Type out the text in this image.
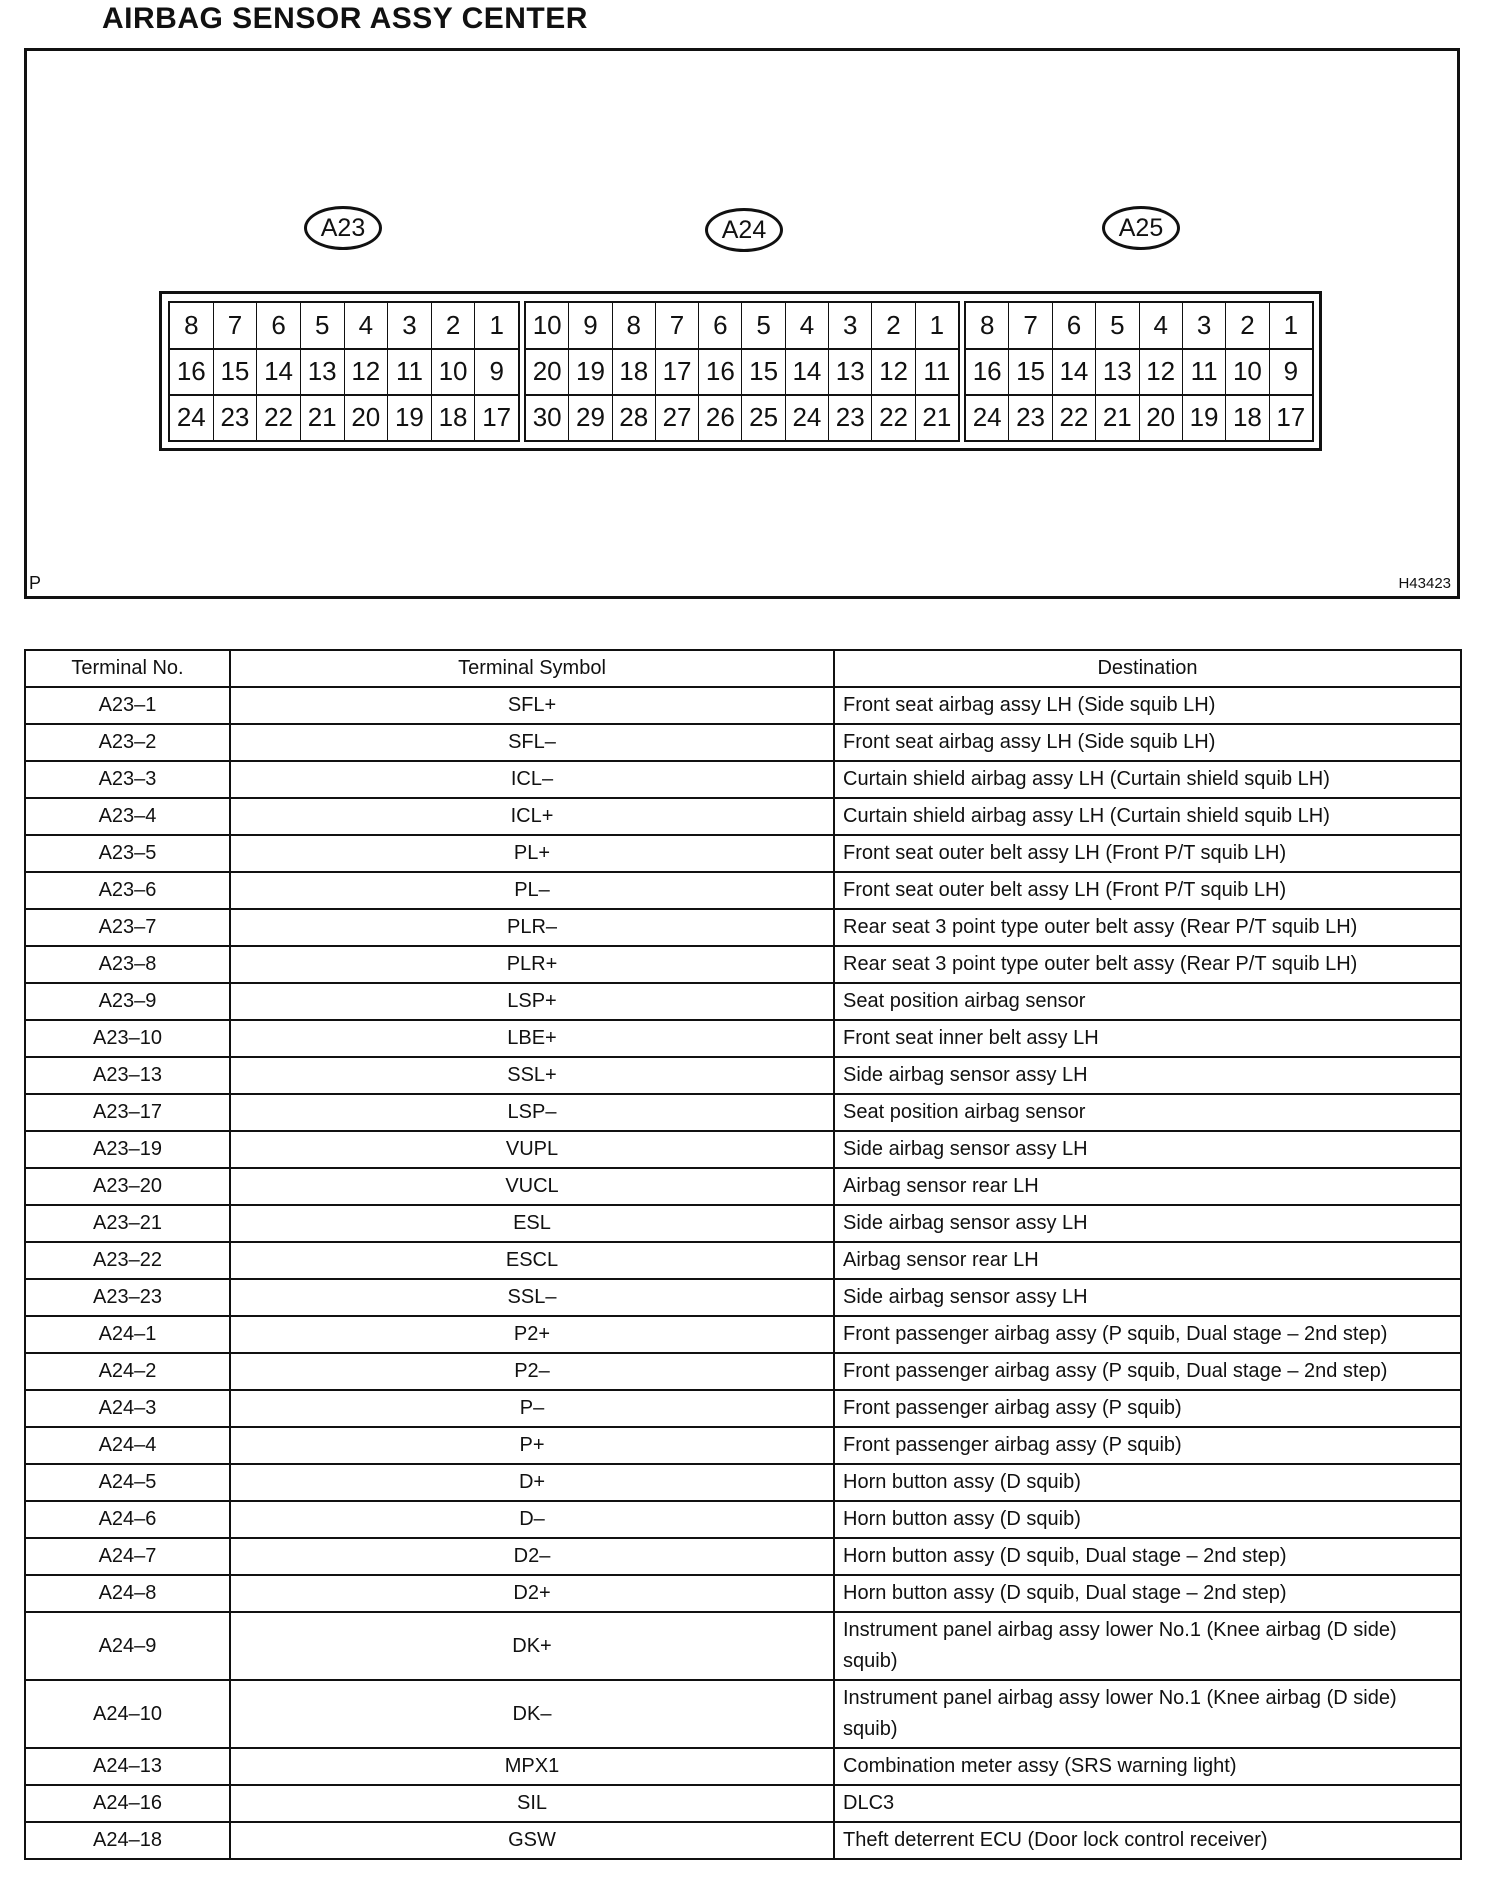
AIRBAG SENSOR ASSY CENTER
A23	A24	A25
8	7	6	5	4	3	2	1
16 15 14 13 12 11 10 9
24 23 22 21 20 19 18 17
10 9	8	7	6	5	4	3	2	1
20 19 18 17 16 15 14 13 12 11
30 29 28 27 26 25 24 23 22 21
8	7	6	5	4	3	2	1
16 15 14 13 12 11 10 9
24 23 22 21 20 19 18 17
P	H43423
Terminal No.	Terminal Symbol	Destination
A23–1	SFL+	Front seat airbag assy LH (Side squib LH)
A23–2	SFL–	Front seat airbag assy LH (Side squib LH)
A23–3	ICL–	Curtain shield airbag assy LH (Curtain shield squib LH)
A23–4	ICL+	Curtain shield airbag assy LH (Curtain shield squib LH)
A23–5	PL+	Front seat outer belt assy LH (Front P/T squib LH)
A23–6	PL–	Front seat outer belt assy LH (Front P/T squib LH)
A23–7	PLR–	Rear seat 3 point type outer belt assy (Rear P/T squib LH)
A23–8	PLR+	Rear seat 3 point type outer belt assy (Rear P/T squib LH)
A23–9	LSP+	Seat position airbag sensor
A23–10	LBE+	Front seat inner belt assy LH
A23–13	SSL+	Side airbag sensor assy LH
A23–17	LSP–	Seat position airbag sensor
A23–19	VUPL	Side airbag sensor assy LH
A23–20	VUCL	Airbag sensor rear LH
A23–21	ESL	Side airbag sensor assy LH
A23–22	ESCL	Airbag sensor rear LH
A23–23	SSL–	Side airbag sensor assy LH
A24–1	P2+	Front passenger airbag assy (P squib, Dual stage – 2nd step)
A24–2	P2–	Front passenger airbag assy (P squib, Dual stage – 2nd step)
A24–3	P–	Front passenger airbag assy (P squib)
A24–4	P+	Front passenger airbag assy (P squib)
A24–5	D+	Horn button assy (D squib)
A24–6	D–	Horn button assy (D squib)
A24–7	D2–	Horn button assy (D squib, Dual stage – 2nd step)
A24–8	D2+	Horn button assy (D squib, Dual stage – 2nd step)
A24–9	DK+	Instrument panel airbag assy lower No.1 (Knee airbag (D side) squib)
A24–10	DK–	Instrument panel airbag assy lower No.1 (Knee airbag (D side) squib)
A24–13	MPX1	Combination meter assy (SRS warning light)
A24–16	SIL	DLC3
A24–18	GSW	Theft deterrent ECU (Door lock control receiver)
